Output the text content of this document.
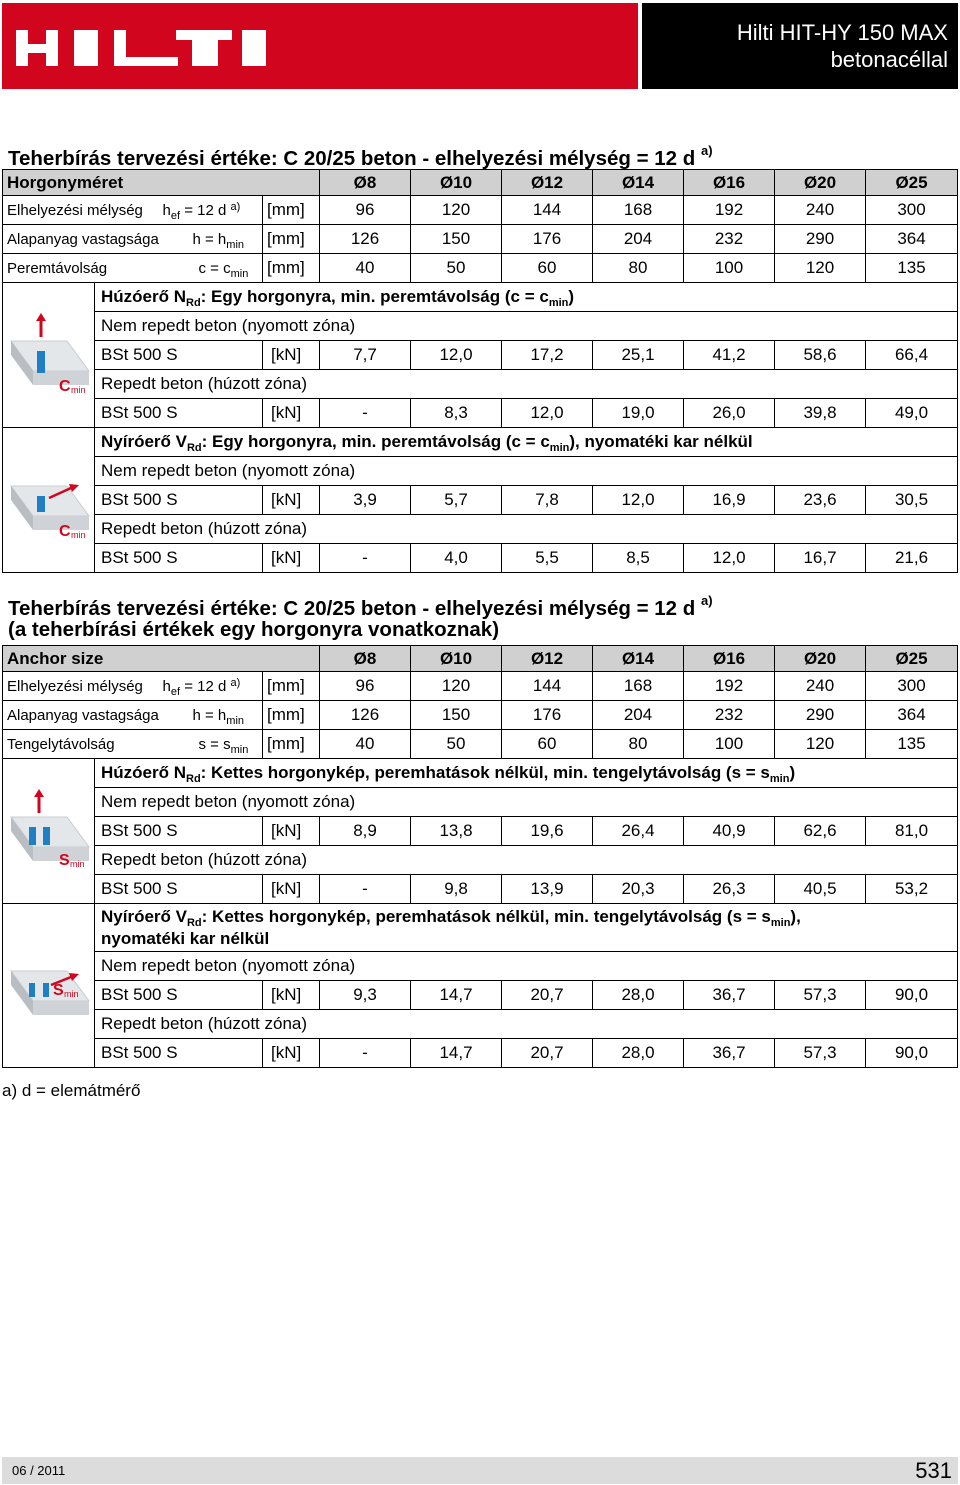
Hilti HIT-HY 150 MAX
betonacéllal
Teherbírás tervezési értéke: C 20/25 beton - elhelyezési mélység = 12 d $^{a)}$
Horgonyméret			Ø8	Ø10	Ø12	Ø14	Ø16	Ø20	Ø25
Elhelyezési mélység	$h_{ef} = 12$ d $^{a)}$	[mm]	96	120	144	168	192	240	300
Alapanyag vastagsága	$h = h_{min}$	[mm]	126	150	176	204	232	290	364
Peremtávolság	$c = c_{min}$	[mm]	40	50	60	80	100	120	135

C min	Húzóerő $N_{Rd}$: Egy horgonyra, min. peremtávolság $(c = c_{min})$								
	Nem repedt beton (nyomott zóna)								
	BSt 500 S	[kN]	7,7	12,0	17,2	25,1	41,2	58,6	66,4
	Repedt beton (húzott zóna)								
	BSt 500 S	[kN]	-	8,3	12,0	19,0	26,0	39,8	49,0

C min	Nyíróerő $V_{Rd}$: Egy horgonyra, min. peremtávolság $(c = c_{min})$, nyomatéki kar nélkül								
	Nem repedt beton (nyomott zóna)								
	BSt 500 S	[kN]	3,9	5,7	7,8	12,0	16,9	23,6	30,5
	Repedt beton (húzott zóna)								
	BSt 500 S	[kN]	-	4,0	5,5	8,5	12,0	16,7	21,6
Teherbírás tervezési értéke: C 20/25 beton - elhelyezési mélység = 12 d $^{a)}$
(a teherbírási értékek egy horgonyra vonatkoznak)
Anchor size			Ø8	Ø10	Ø12	Ø14	Ø16	Ø20	Ø25
Elhelyezési mélység	$h_{ef} = 12$ d $^{a)}$	[mm]	96	120	144	168	192	240	300
Alapanyag vastagsága	$h = h_{min}$	[mm]	126	150	176	204	232	290	364
Tengelytávolság	$s = s_{min}$	[mm]	40	50	60	80	100	120	135

S min	Húzóerő $N_{Rd}$: Kettes horgonykép, peremhatások nélkül, min. tengelytávolság $(s = s_{min})$								
	Nem repedt beton (nyomott zóna)								
	BSt 500 S	[kN]	8,9	13,8	19,6	26,4	40,9	62,6	81,0
	Repedt beton (húzott zóna)								
	BSt 500 S	[kN]	-	9,8	13,9	20,3	26,3	40,5	53,2

S min	Nyíróerő $V_{Rd}$: Kettes horgonykép, peremhatások nélkül, min. tengelytávolság $(s = s_{min})$,
nyomatéki kar nélkül								
	Nem repedt beton (nyomott zóna)								
	BSt 500 S	[kN]	9,3	14,7	20,7	28,0	36,7	57,3	90,0
	Repedt beton (húzott zóna)								
	BSt 500 S	[kN]	-	14,7	20,7	28,0	36,7	57,3	90,0
a) d = elemátmérő
06 / 2011	531
